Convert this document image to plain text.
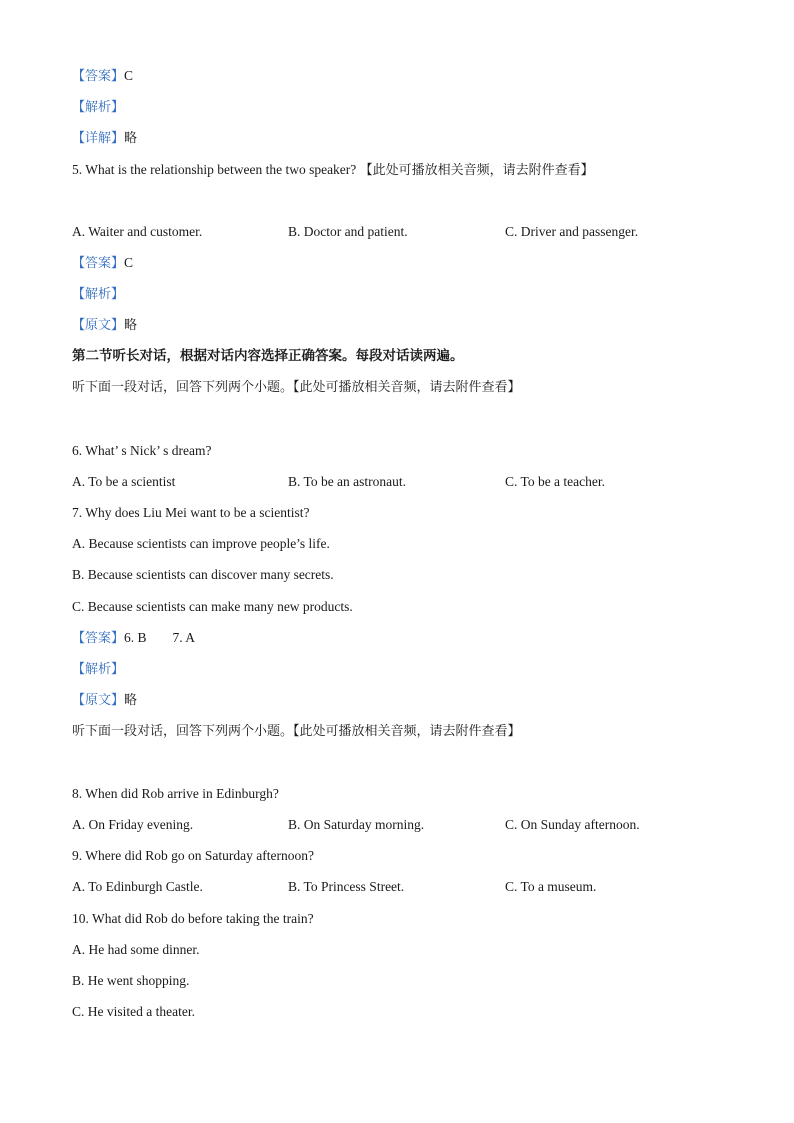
【答案】C
【解析】
【详解】略
5. What is the relationship between the two speaker? 【此处可播放相关音频，请去附件查看】
A. Waiter and customer.	B. Doctor and patient.	C. Driver and passenger.
【答案】C
【解析】
【原文】略
第二节听长对话，根据对话内容选择正确答案。每段对话读两遍。
听下面一段对话，回答下列两个小题。【此处可播放相关音频，请去附件查看】
6. What’ s Nick’ s dream?
A. To be a scientist	B. To be an astronaut.	C. To be a teacher.
7. Why does Liu Mei want to be a scientist?
A. Because scientists can improve people’s life.
B. Because scientists can discover many secrets.
C. Because scientists can make many new products.
【答案】6. B 7. A
【解析】
【原文】略
听下面一段对话，回答下列两个小题。【此处可播放相关音频，请去附件查看】
8. When did Rob arrive in Edinburgh?
A. On Friday evening.	B. On Saturday morning.	C. On Sunday afternoon.
9. Where did Rob go on Saturday afternoon?
A. To Edinburgh Castle.	B. To Princess Street.	C. To a museum.
10. What did Rob do before taking the train?
A. He had some dinner.
B. He went shopping.
C. He visited a theater.
